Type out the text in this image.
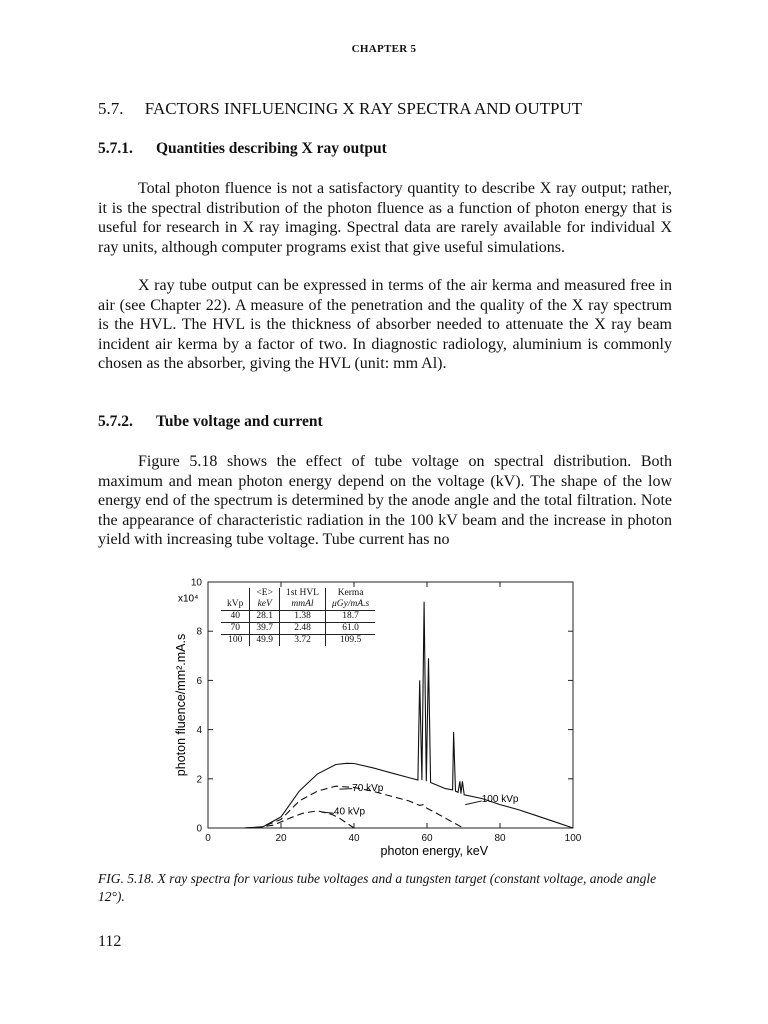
CHAPTER 5
5.7. FACTORS INFLUENCING X RAY SPECTRA AND OUTPUT
5.7.1. Quantities describing X ray output

Total photon fluence is not a satisfactory quantity to describe X ray output; rather, it is the spectral distribution of the photon fluence as a function of photon energy that is useful for research in X ray imaging. Spectral data are rarely available for individual X ray units, although computer programs exist that give useful simulations.

X ray tube output can be expressed in terms of the air kerma and measured free in air (see Chapter 22). A measure of the penetration and the quality of the X ray spectrum is the HVL. The HVL is the thickness of absorber needed to attenuate the X ray beam incident air kerma by a factor of two. In diagnostic radiology, aluminium is commonly chosen as the absorber, giving the HVL (unit: mm Al).

5.7.2. Tube voltage and current

Figure 5.18 shows the effect of tube voltage on spectral distribution. Both maximum and mean photon energy depend on the voltage (kV). The shape of the low energy end of the spectrum is determined by the anode angle and the total filtration. Note the appearance of characteristic radiation in the 100 kV beam and the increase in photon yield with increasing tube voltage. Tube current has no

0	20	40	60	80	100
0
2
4
6
8
10
x10⁴
photon energy, keV
photon fluence/mm².mA.s
40 kVp
70 kVp
100 kVp
	<E>	1st HVL	Kerma
kVp	keV	mmAl	μGy/mA.s
40	28.1	1.38	18.7
70	39.7	2.48	61.0
100	49.9	3.72	109.5

FIG. 5.18. X ray spectra for various tube voltages and a tungsten target (constant voltage, anode angle 12°).

112
